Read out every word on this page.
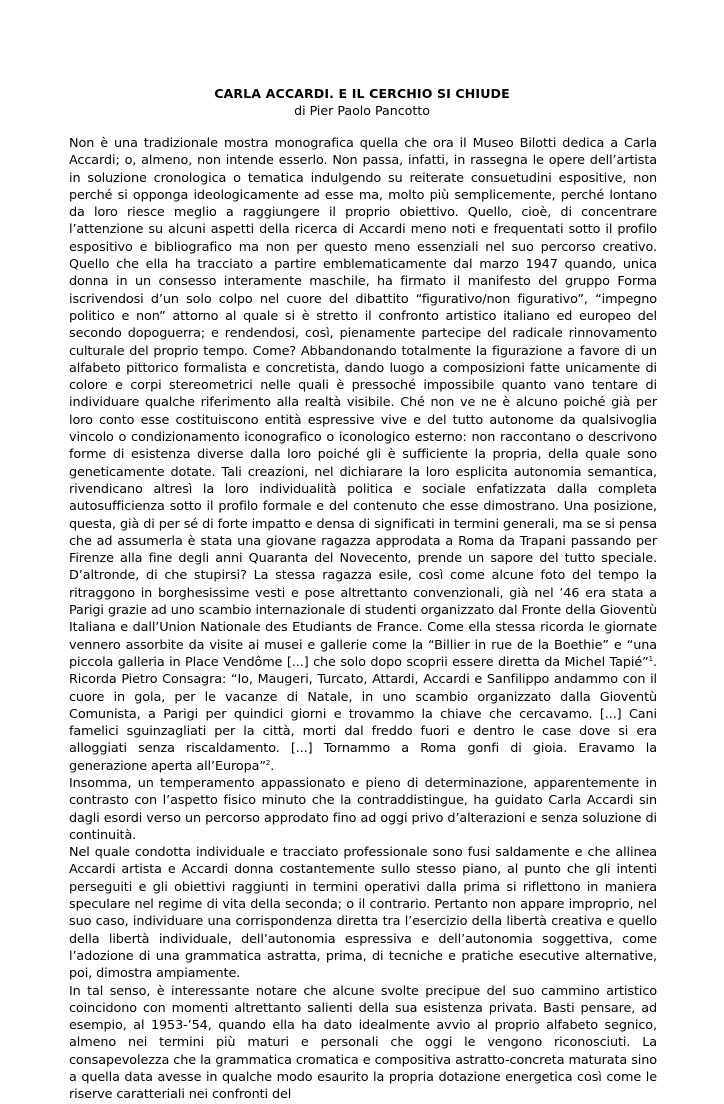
CARLA ACCARDI. E IL CERCHIO SI CHIUDE
di Pier Paolo Pancotto

Non è una tradizionale mostra monografica quella che ora il Museo Bilotti dedica a Carla Accardi; o, almeno, non intende esserlo. Non passa, infatti, in rassegna le opere dell’artista in soluzione cronologica o tematica indulgendo su reiterate consuetudini espositive, non perché si opponga ideologicamente ad esse ma, molto più semplicemente, perché lontano da loro riesce meglio a raggiungere il proprio obiettivo. Quello, cioè, di concentrare l’attenzione su alcuni aspetti della ricerca di Accardi meno noti e frequentati sotto il profilo espositivo e bibliografico ma non per questo meno essenziali nel suo percorso creativo. Quello che ella ha tracciato a partire emblematicamente dal marzo 1947 quando, unica donna in un consesso interamente maschile, ha firmato il manifesto del gruppo Forma iscrivendosi d’un solo colpo nel cuore del dibattito “figurativo/non figurativo”, “impegno politico e non” attorno al quale si è stretto il confronto artistico italiano ed europeo del secondo dopoguerra; e rendendosi, così, pienamente partecipe del radicale rinnovamento culturale del proprio tempo. Come? Abbandonando totalmente la figurazione a favore di un alfabeto pittorico formalista e concretista, dando luogo a composizioni fatte unicamente di colore e corpi stereometrici nelle quali è pressoché impossibile quanto vano tentare di individuare qualche riferimento alla realtà visibile. Ché non ve ne è alcuno poiché già per loro conto esse costituiscono entità espressive vive e del tutto autonome da qualsivoglia vincolo o condizionamento iconografico o iconologico esterno: non raccontano o descrivono forme di esistenza diverse dalla loro poiché gli è sufficiente la propria, della quale sono geneticamente dotate. Tali creazioni, nel dichiarare la loro esplicita autonomia semantica, rivendicano altresì la loro individualità politica e sociale enfatizzata dalla completa autosufficienza sotto il profilo formale e del contenuto che esse dimostrano. Una posizione, questa, già di per sé di forte impatto e densa di significati in termini generali, ma se si pensa che ad assumerla è stata una giovane ragazza approdata a Roma da Trapani passando per Firenze alla fine degli anni Quaranta del Novecento, prende un sapore del tutto speciale. D’altronde, di che stupirsi? La stessa ragazza esile, così come alcune foto del tempo la ritraggono in borghesissime vesti e pose altrettanto convenzionali, già nel ’46 era stata a Parigi grazie ad uno scambio internazionale di studenti organizzato dal Fronte della Gioventù Italiana e dall’Union Nationale des Etudiants de France. Come ella stessa ricorda le giornate vennero assorbite da visite ai musei e gallerie come la “Billier in rue de la Boethie” e “una piccola galleria in Place Vendôme [...] che solo dopo scoprii essere diretta da Michel Tapié”$^1$. Ricorda Pietro Consagra: “Io, Maugeri, Turcato, Attardi, Accardi e Sanfilippo andammo con il cuore in gola, per le vacanze di Natale, in uno scambio organizzato dalla Gioventù Comunista, a Parigi per quindici giorni e trovammo la chiave che cercavamo. [...] Cani famelici sguinzagliati per la città, morti dal freddo fuori e dentro le case dove si era alloggiati senza riscaldamento. [...] Tornammo a Roma gonfi di gioia. Eravamo la generazione aperta all’Europa”$^2$.

Insomma, un temperamento appassionato e pieno di determinazione, apparentemente in contrasto con l’aspetto fisico minuto che la contraddistingue, ha guidato Carla Accardi sin dagli esordi verso un percorso approdato fino ad oggi privo d’alterazioni e senza soluzione di continuità.

Nel quale condotta individuale e tracciato professionale sono fusi saldamente e che allinea Accardi artista e Accardi donna costantemente sullo stesso piano, al punto che gli intenti perseguiti e gli obiettivi raggiunti in termini operativi dalla prima si riflettono in maniera speculare nel regime di vita della seconda; o il contrario. Pertanto non appare improprio, nel suo caso, individuare una corrispondenza diretta tra l’esercizio della libertà creativa e quello della libertà individuale, dell’autonomia espressiva e dell’autonomia soggettiva, come l’adozione di una grammatica astratta, prima, di tecniche e pratiche esecutive alternative, poi, dimostra ampiamente.

In tal senso, è interessante notare che alcune svolte precipue del suo cammino artistico coincidono con momenti altrettanto salienti della sua esistenza privata. Basti pensare, ad esempio, al 1953-’54, quando ella ha dato idealmente avvio al proprio alfabeto segnico, almeno nei termini più maturi e personali che oggi le vengono riconosciuti. La consapevolezza che la grammatica cromatica e compositiva astratto-concreta maturata sino a quella data avesse in qualche modo esaurito la propria dotazione energetica così come le riserve caratteriali nei confronti del
